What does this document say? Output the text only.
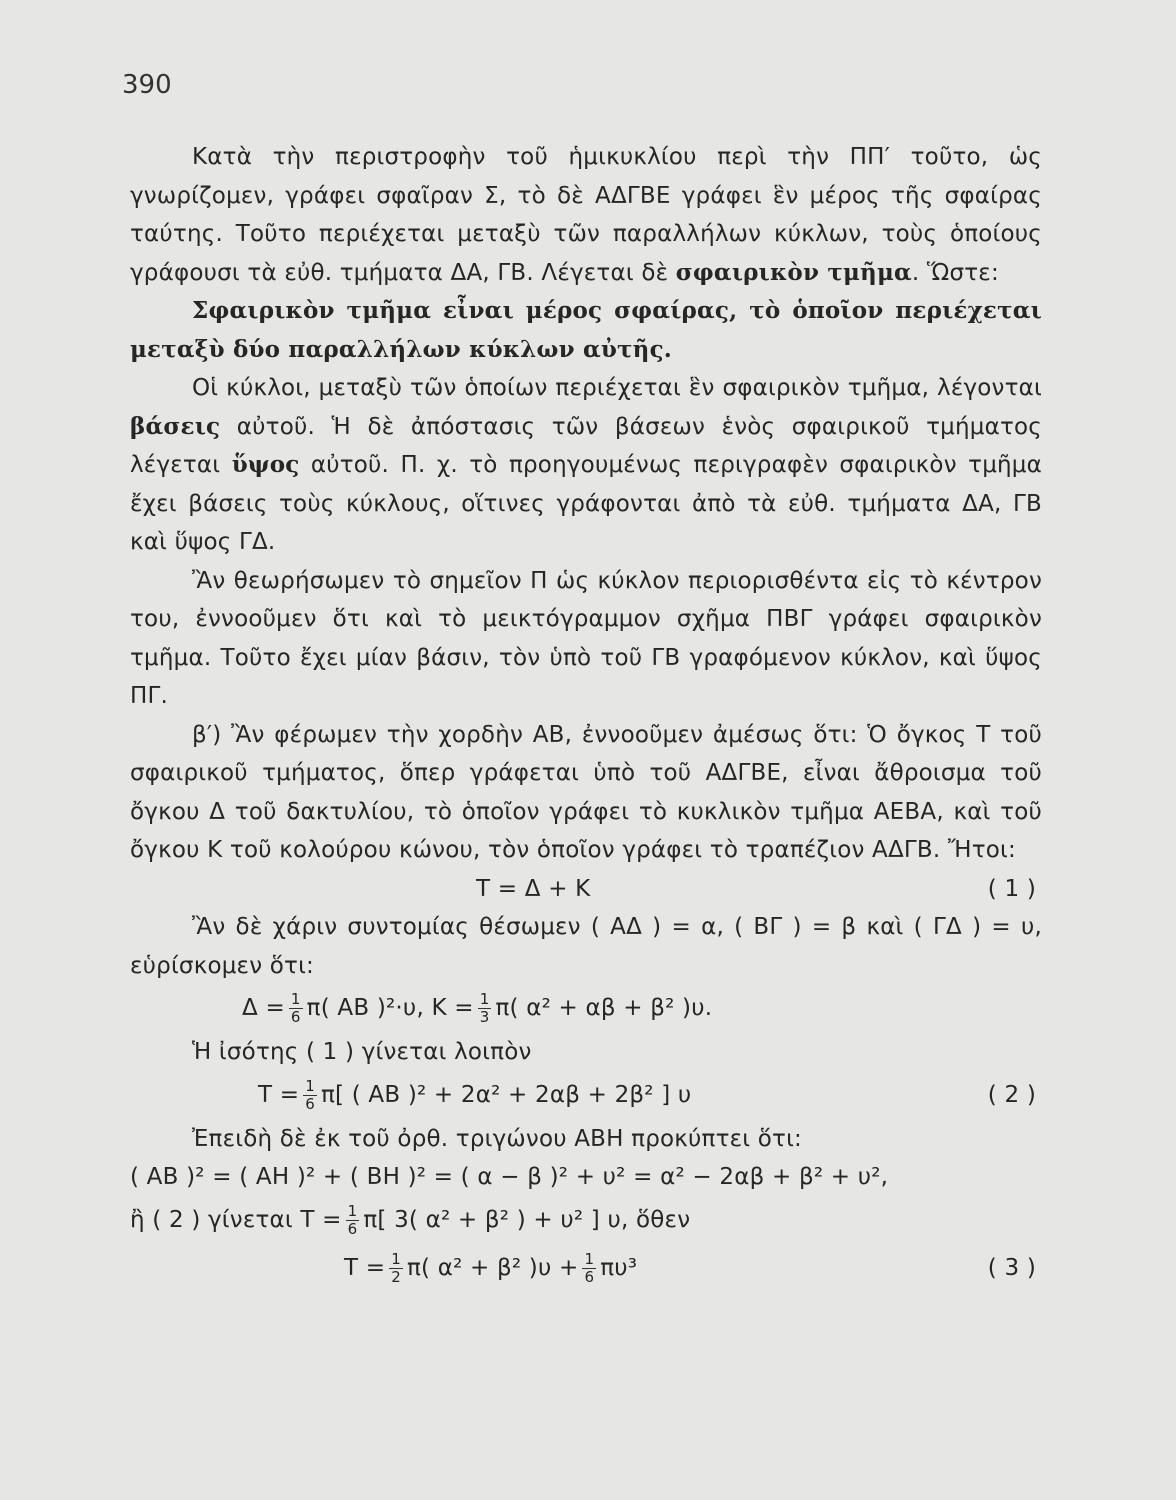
390

Κατὰ τὴν περιστροφὴν τοῦ ἡμικυκλίου περὶ τὴν ΠΠ′ τοῦτο, ὡς γνωρίζομεν, γράφει σφαῖραν Σ, τὸ δὲ ΑΔΓΒΕ γράφει ἓν μέρος τῆς σφαίρας ταύτης. Τοῦτο περιέχεται μεταξὺ τῶν παραλλήλων κύκλων, τοὺς ὁποίους γράφουσι τὰ εὐθ. τμήματα ΔΑ, ΓΒ. Λέγεται δὲ σφαιρικὸν τμῆμα. Ὥστε:

Σφαιρικὸν τμῆμα εἶναι μέρος σφαίρας, τὸ ὁποῖον περιέχεται μεταξὺ δύο παραλλήλων κύκλων αὐτῆς.

Οἱ κύκλοι, μεταξὺ τῶν ὁποίων περιέχεται ἓν σφαιρικὸν τμῆμα, λέγονται βάσεις αὐτοῦ. Ἡ δὲ ἀπόστασις τῶν βάσεων ἑνὸς σφαιρικοῦ τμήματος λέγεται ὕψος αὐτοῦ. Π. χ. τὸ προηγουμένως περιγραφὲν σφαιρικὸν τμῆμα ἔχει βάσεις τοὺς κύκλους, οἵτινες γράφονται ἀπὸ τὰ εὐθ. τμήματα ΔΑ, ΓΒ καὶ ὕψος ΓΔ.

Ἂν θεωρήσωμεν τὸ σημεῖον Π ὡς κύκλον περιορισθέντα εἰς τὸ κέντρον του, ἐννοοῦμεν ὅτι καὶ τὸ μεικτόγραμμον σχῆμα ΠΒΓ γράφει σφαιρικὸν τμῆμα. Τοῦτο ἔχει μίαν βάσιν, τὸν ὑπὸ τοῦ ΓΒ γραφόμενον κύκλον, καὶ ὕψος ΠΓ.

β′) Ἂν φέρωμεν τὴν χορδὴν ΑΒ, ἐννοοῦμεν ἀμέσως ὅτι: Ὁ ὄγκος Τ τοῦ σφαιρικοῦ τμήματος, ὅπερ γράφεται ὑπὸ τοῦ ΑΔΓΒΕ, εἶναι ἄθροισμα τοῦ ὄγκου Δ τοῦ δακτυλίου, τὸ ὁποῖον γράφει τὸ κυκλικὸν τμῆμα ΑΕΒΑ, καὶ τοῦ ὄγκου Κ τοῦ κολούρου κώνου, τὸν ὁποῖον γράφει τὸ τραπέζιον ΑΔΓΒ. Ἤτοι:

Τ = Δ + Κ	( 1 )

Ἂν δὲ χάριν συντομίας θέσωμεν ( ΑΔ ) = α, ( ΒΓ ) = β καὶ ( ΓΔ ) = υ, εὑρίσκομεν ὅτι:

$\Delta = \frac{1}{6} \pi$( ΑΒ )²·υ, $K = \frac{1}{3} \pi$( α² + αβ + β² )υ.

Ἡ ἰσότης ( 1 ) γίνεται λοιπὸν

$T = \frac{1}{6} \pi$[ ( ΑΒ )² + 2α² + 2αβ + 2β² ] υ	( 2 )

Ἐπειδὴ δὲ ἐκ τοῦ ὀρθ. τριγώνου ΑΒΗ προκύπτει ὅτι:

( ΑΒ )² = ( ΑΗ )² + ( ΒΗ )² = ( α − β )² + υ² = α² − 2αβ + β² + υ²,
ἢ ( 2 ) γίνεται $T = \frac{1}{6} \pi$[ 3( α² + β² ) + υ² ] υ, ὅθεν
$T = \frac{1}{2} \pi$( α² + β² )$\upsilon + \frac{1}{6} \pi\upsilon^3$	( 3 )
